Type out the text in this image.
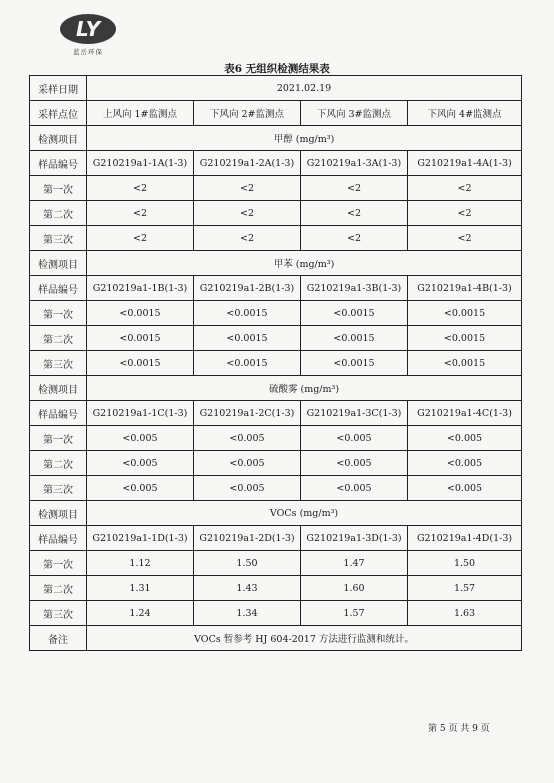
LY
蓝岳环保
表6 无组织检测结果表
采样日期	2021.02.19			
采样点位	上风向 1#监测点	下风向 2#监测点	下风向 3#监测点	下风向 4#监测点
检测项目	甲醇 (mg/m³)			
样品编号	G210219a1-1A(1-3)	G210219a1-2A(1-3)	G210219a1-3A(1-3)	G210219a1-4A(1-3)
第一次	<2	<2	<2	<2
第二次	<2	<2	<2	<2
第三次	<2	<2	<2	<2
检测项目	甲苯 (mg/m³)			
样品编号	G210219a1-1B(1-3)	G210219a1-2B(1-3)	G210219a1-3B(1-3)	G210219a1-4B(1-3)
第一次	<0.0015	<0.0015	<0.0015	<0.0015
第二次	<0.0015	<0.0015	<0.0015	<0.0015
第三次	<0.0015	<0.0015	<0.0015	<0.0015
检测项目	硫酸雾 (mg/m³)			
样品编号	G210219a1-1C(1-3)	G210219a1-2C(1-3)	G210219a1-3C(1-3)	G210219a1-4C(1-3)
第一次	<0.005	<0.005	<0.005	<0.005
第二次	<0.005	<0.005	<0.005	<0.005
第三次	<0.005	<0.005	<0.005	<0.005
检测项目	VOCs (mg/m³)			
样品编号	G210219a1-1D(1-3)	G210219a1-2D(1-3)	G210219a1-3D(1-3)	G210219a1-4D(1-3)
第一次	1.12	1.50	1.47	1.50
第二次	1.31	1.43	1.60	1.57
第三次	1.24	1.34	1.57	1.63
备注	VOCs 暂参考 HJ 604-2017 方法进行监测和统计。			
第 5 页 共 9 页
